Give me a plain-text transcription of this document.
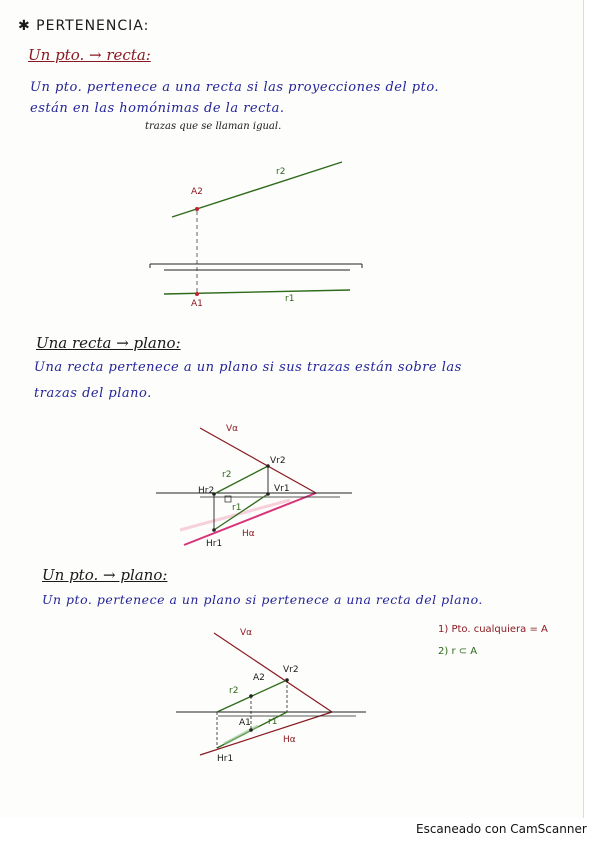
✱ PERTENENCIA:
Un pto. → recta:
Un pto. pertenece a una recta si las proyecciones del pto.
están en las homónimas de la recta.
trazas que se llaman igual.
Una recta → plano:
Una recta pertenece a un plano si sus trazas están sobre las
trazas del plano.
Un pto. → plano:
Un pto. pertenece a un plano si pertenece a una recta del plano.
1) Pto. cualquiera = A
2) r ⊂ A
A2
r2
A1	r1
Vα
Vr2
r2
Hr2	Vr1
r1
Hα
Hr1
Vα
Vr2
A2
r2
A1 r1
Hα
Hr1
Escaneado con CamScanner
